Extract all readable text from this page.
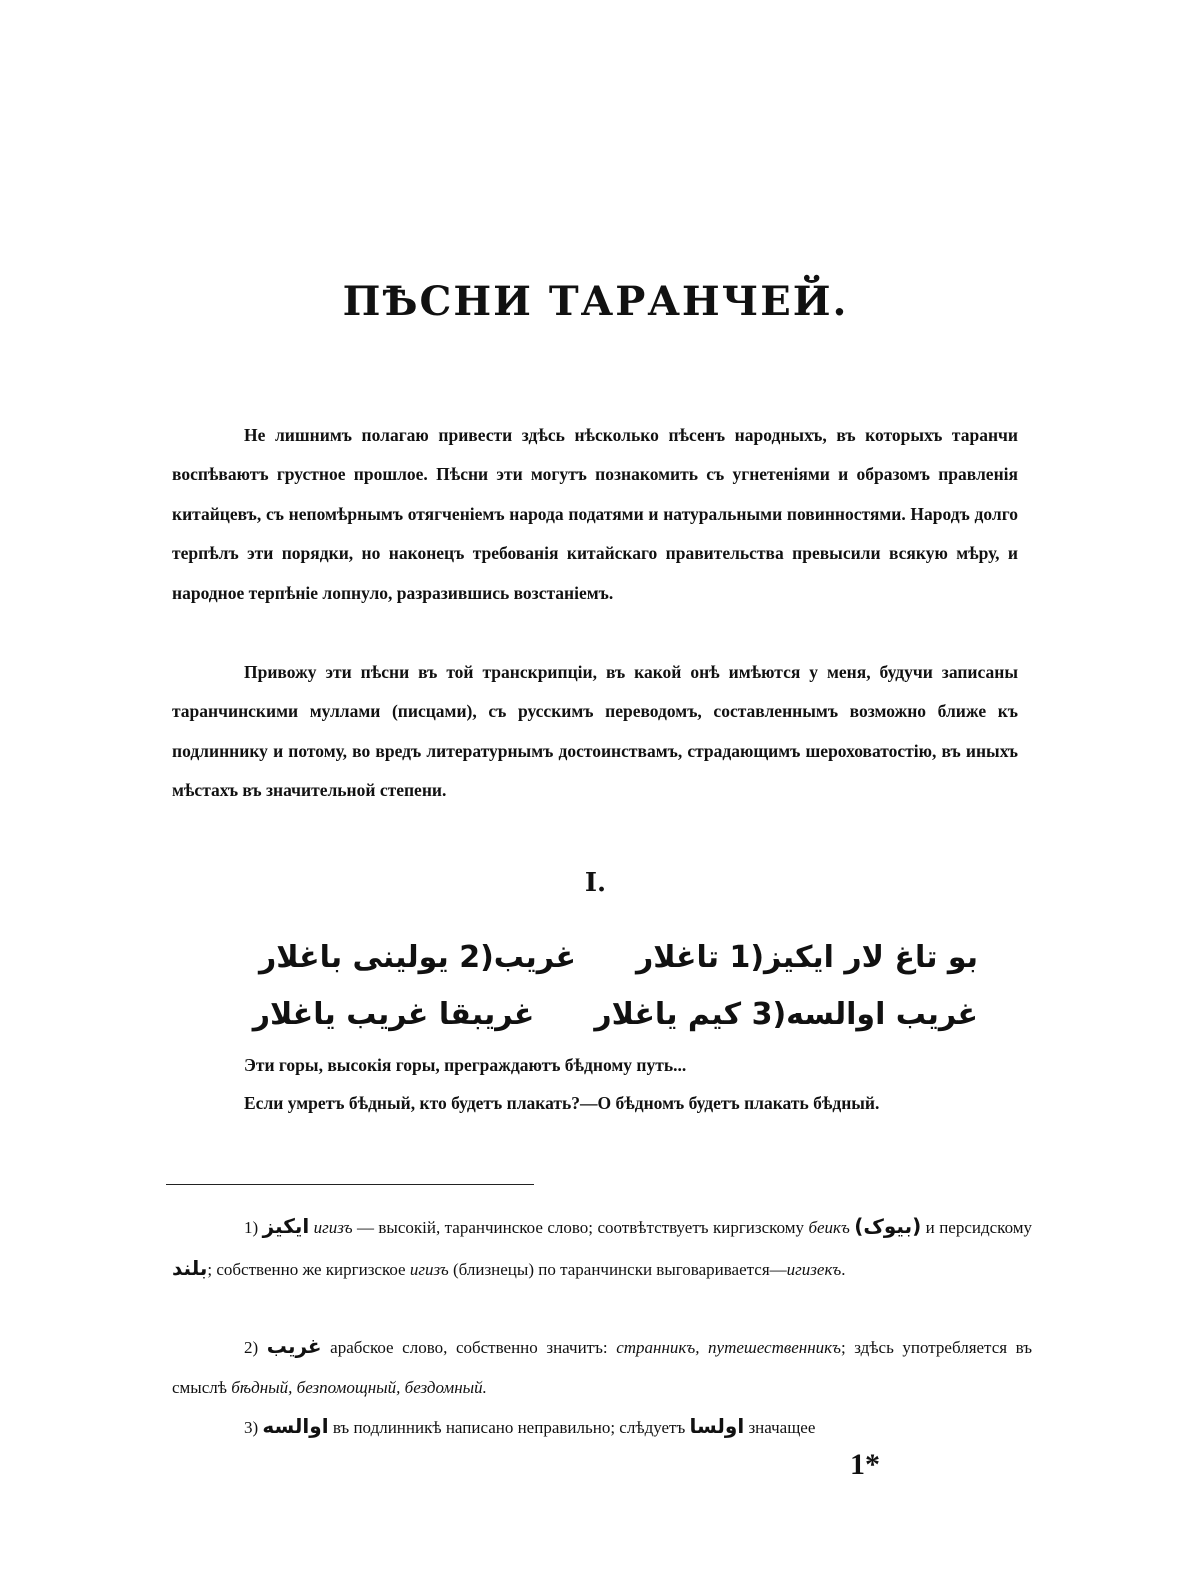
ПѢСНИ ТАРАНЧЕЙ.

Не лишнимъ полагаю привести здѣсь нѣсколько пѣсенъ народныхъ, въ которыхъ таранчи воспѣваютъ грустное прошлое. Пѣсни эти могутъ познакомить съ угнетеніями и образомъ правленія китайцевъ, съ непомѣрнымъ отягченіемъ народа податями и натуральными повинностями. Народъ долго терпѣлъ эти порядки, но наконецъ требованія китайскаго правительства превысили всякую мѣру, и народное терпѣніе лопнуло, разразившись возстаніемъ.

Привожу эти пѣсни въ той транскрипціи, въ какой онѣ имѣются у меня, будучи записаны таранчинскими муллами (писцами), съ русскимъ переводомъ, составленнымъ возможно ближе къ подлиннику и потому, во вредъ литературнымъ достоинствамъ, страдающимъ шероховатостію, въ иныхъ мѣстахъ въ значительной степени.

I.
بو تاغ لار ایکیز(1 تاغلارغریب(2 یولینی باغلار
غریب اوالسه(3 کیم یاغلارغریبقا غریب یاغلار
Эти горы, высокія горы, преграждаютъ бѣдному путь...
Если умретъ бѣдный, кто будетъ плакать?—О бѣдномъ будетъ плакать бѣдный.
1) ایکیز игизъ — высокій, таранчинское слово; соотвѣтствуетъ киргизскому бeикъ (بیوک) и персидскому بلند; собственно же киргизское игизъ (близнецы) по таранчински выговаривается—игизекъ.
2) غریب арабское слово, собственно значитъ: странникъ, путешественникъ; здѣсь употребляется въ смыслѣ бѣдный, безпомощный, бездомный.
3) اوالسه въ подлинникѣ написано неправильно; слѣдуетъ اولسا значащее
1*
